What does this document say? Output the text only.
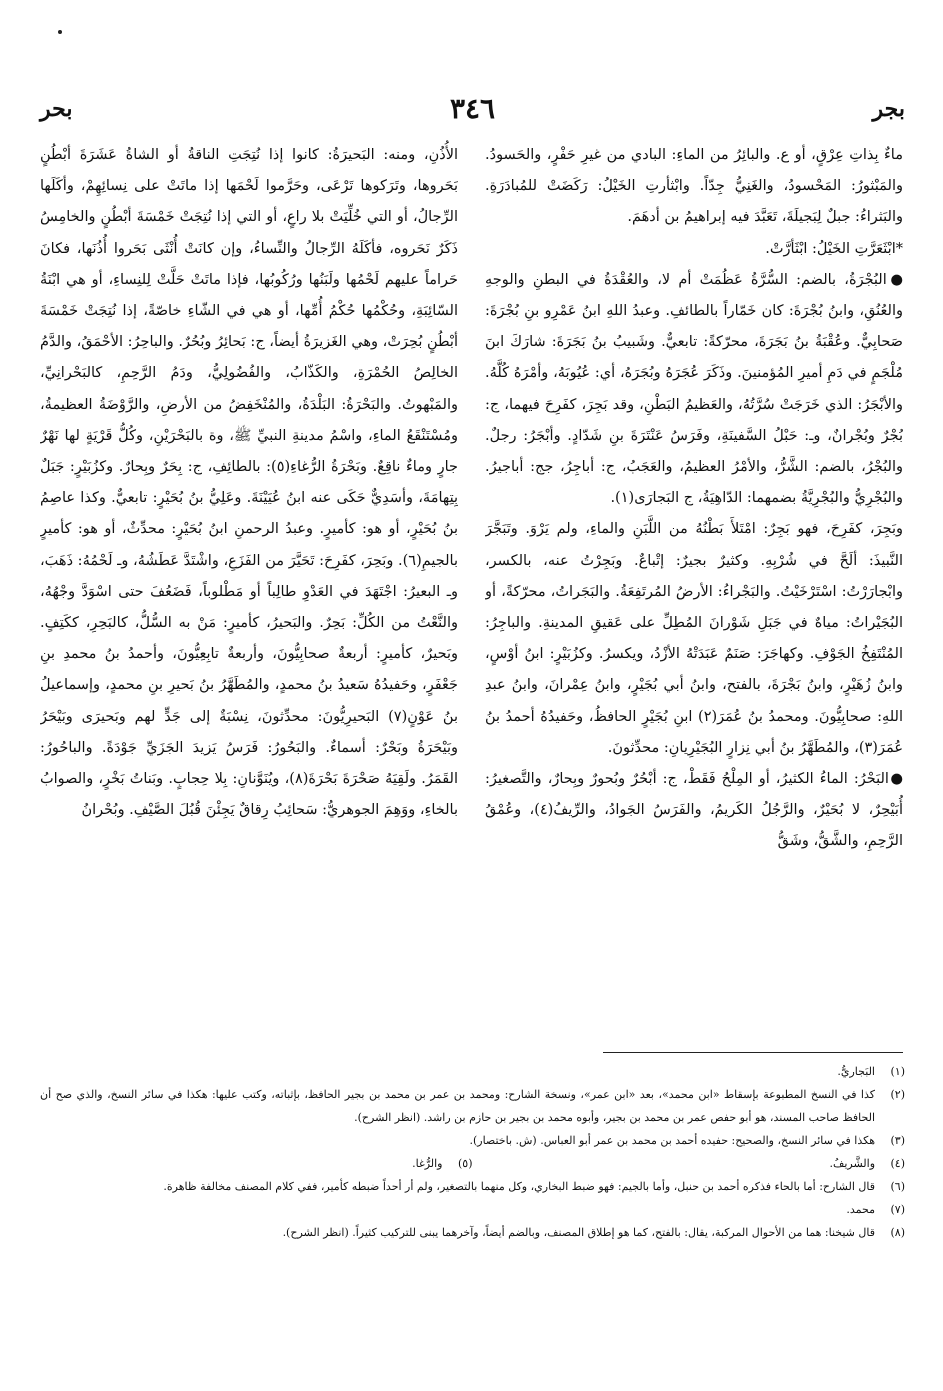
بجر
٣٤٦
بحر

ماءٌ بِذاتِ عِرْقٍ، أو ع. والبائِرُ من الماءِ: البادي من غيرِ حَفْرٍ، والحَسودُ. والمَبْثورُ: المَحْسودُ، والغَنِيُّ جِدّاً. وابْثأرتِ الخَيْلُ: رَكَضَتْ للمُبادَرَةِ. والبَثراءُ: جبلٌ لِبَجيلَةَ، تَعَبَّدَ فيه إبراهيمُ بن أدهَمَ.

*ابْثَعَرَّتِ الخَيْلُ: ابْثَأرَّتْ.

●البُجْرَةُ، بالضم: السُّرَّةُ عَظُمَتْ أم لا، والعُقْدَةُ في البطنِ والوجهِ والعُنُقِ، وابنُ بُجْرَةَ: كان خَمّاراً بالطائفِ. وعبدُ اللهِ ابنُ عَمْرِو بنِ بُجْرَةَ: صَحابِيٌّ. وعُقْبَةُ بنُ بَجَرَةَ، محرّكةً: تابعيٌّ. وشَبيبُ بنُ بَجَرَةَ: شارَكَ ابنَ مُلْجَمٍ في دَمِ أميرِ المُؤمنينَ. وذَكَرَ عُجَرَهُ وبُجَرَهُ، أي: عُيُوبَهُ، وأمْرَهُ كُلَّهُ. والأبْجَرُ: الذي خَرَجَتْ سُرَّتُهُ، والعَظيمُ البَطْنِ، وقد بَجِرَ، كفَرِحَ فيهما، ج: بُجْرٌ وبُجْرانٌ، وـ: حَبْلُ السَّفينَةِ، وفَرَسُ عَنْتَرَةَ بنِ شَدّادٍ. وأبْجَرُ: رجلٌ. والبُجْرُ، بالضم: الشَّرُّ، والأمْرُ العظيمُ، والعَجَبُ، ج: أباجِرُ، جج: أباجيرُ. والبُجْرِيُّ والبُجْرِيَّةُ بضمهما: الدّاهِيَةُ، ج البَجارَى(١).

وبَجِرَ، كفَرِحَ، فهو بَجِرٌ: امْتَلأَ بَطْنُهُ من اللَّبَنِ والماءِ، ولم يَرْوَ. وتَبَجَّرَ النَّبيذَ: ألَحَّ في شُرْبِهِ. وكثيرٌ بجيرٌ: إتْباعٌ. وبَجِرْتُ عنه، بالكسر، وابْجارَرْتُ: اسْتَرْخَيْتُ. والبَجْراءُ: الأرضُ المُرتَفِعَةُ. والبَجَراتُ، محرّكةً، أو البُجَيْراتُ: مياهٌ في جَبَلِ شَوْرانَ المُطِلِّ على عَقيقِ المدينةِ. والباجِرُ: المُنْتَفِخُ الجَوْفِ. وكهاجَرَ: صَنَمٌ عَبَدَتْهُ الأزْدُ، ويكسرُ. وكزُبَيْرٍ: ابنُ أوْسٍ، وابنُ زُهَيْرٍ، وابنُ بَجْرَةَ، بالفتح، وابنُ أبي بُجَيْرٍ، وابنُ عِمْرانَ، وابنُ عبدِ اللهِ: صحابِيُّونَ. ومحمدُ بنُ عُمَرَ(٢) ابنِ بُجَيْرٍ الحافظُ، وحَفيدُهُ أحمدُ بنُ عُمَرَ(٣)، والمُطَهَّرُ بنُ أبي نِزارٍ البُجَيْرِيانِ: محدِّثونَ.

●البَحْرُ: الماءُ الكثيرُ، أو المِلْحُ فَقَطْ، ج: أبْحُرٌ وبُحورٌ وبِحارٌ، والتَّصغيرُ: أُبَيْحِرٌ، لا بُحَيْرٌ، والرَّجُلُ الكَريمُ، والفَرَسُ الجَوادُ، والرِّيفُ(٤)، وعُمْقُ الرَّحِمِ، والشَّقُّ، وشَقُّ

الأُذُنِ، ومنه: البَحيرَةُ: كانوا إذا نُتِجَتِ الناقةُ أو الشاةُ عَشَرَةَ أبْطُنٍ بَحَروها، وتَرَكوها تَرْعَى، وحَرَّموا لَحْمَها إذا ماتَتْ على نِسائِهِمْ، وأكَلَها الرِّجالُ، أو التي خُلِّيَتْ بلا راعٍ، أو التي إذا نُتِجَتْ خَمْسَةَ أبْطُنٍ والخامِسُ ذَكَرٌ نَحَروه، فأكَلَهُ الرِّجالُ والنِّساءُ، وإن كانَتْ أُنْثَى بَحَروا أُذُنَها، فكانَ حَراماً عليهم لَحْمُها ولَبَنُها ورُكُوبُها، فإذا ماتَتْ حَلَّتْ لِلنِساءِ، أو هي ابْنَةُ السّائِبَةِ، وحُكْمُها حُكْمُ أُمِّها، أو هي في الشّاءِ خاصّةً، إذا نُتِجَتْ خَمْسَةَ أبْطُنٍ بُحِرَتْ، وهي الغَزيرَةُ أيضاً، ج: بَحائِرُ وبُحُرٌ. والباحِرُ: الأحْمَقُ، والدَّمُ الخالِصُ الحُمْرَةِ، والكَذّابُ، والفُضُولِيُّ، ودَمُ الرَّحِمِ، كالبَحْرانِيِّ، والمَبْهوتُ. والبَحْرَةُ: البَلْدَةُ، والمُنْخَفِضُ من الأرضِ، والرَّوْضَةُ العظيمةُ، ومُسْتَنْقَعُ الماءِ، واسْمُ مدينةِ النبيِّ ﷺ، وة بالبَحْرَيْنِ، وكُلُّ قَرْيَةٍ لها نَهْرٌ جارٍ وماءٌ ناقِعٌ. وبَحْرَةُ الرُّغاءِ(٥): بالطائِفِ، ج: بِحَرٌ وبِحارٌ. وكزُبَيْرٍ: جَبَلٌ بِتِهامَةَ، وأسَدِيٌّ حَكَى عنه ابنُ عُيَيْنَةَ. وعَلِيُّ بنُ بُحَيْرٍ: تابعيٌّ. وكذا عاصِمُ بنُ بُحَيْرٍ، أو هو: كأميرٍ. وعبدُ الرحمنِ ابنُ بُحَيْرٍ: محدِّثٌ، أو هو: كأميرٍ بالجيمِ(٦). وبَحِرَ، كفَرِحَ: تَحَيَّرَ من الفَزَعِ، واشْتَدَّ عَطَشُهُ، وـ لَحْمُهُ: ذَهَبَ، وـ البعيرُ: اجْتَهَدَ في العَدْوِ طالِباً أو مَطْلوباً، فَضَعُفَ حتى اسْوَدَّ وجْهُهُ، والنَّعْتُ من الكُلِّ: بَحِرٌ. والبَحيرُ، كأميرٍ: مَنْ به السُّلُّ، كالبَحِرِ، ككَتِفٍ. وبَحيرٌ، كأميرٍ: أربعةٌ صحابِيُّونَ، وأربعةٌ تابِعِيُّونَ، وأحمدُ بنُ محمدِ بنِ جَعْفَرٍ، وحَفيدُهُ سَعيدُ بنُ محمدٍ، والمُطَهَّرُ بنُ بَحيرِ بنِ محمدٍ، وإسماعيلُ بنُ عَوْنٍ(٧) البَحيرِيُّونَ: محدِّثونَ، نِسْبَةٌ إلى جَدٍّ لهم وبَحيرَى وبَيْحَرُ وبَيْحَرَةُ وبَحْرٌ: أسماءٌ. والبَحُورُ: فَرَسُ يَزيدَ الجَزَيِّ جَوْدَةً. والباحُورُ: القَمَرُ. ولَقِيَهُ صَحْرَةَ بَحْرَةَ(٨)، ويُنَوَّنانِ: بِلا حِجابٍ. وبَناتُ بَخْرٍ، والصوابُ بالخاءِ، ووَهِمَ الجوهريُّ: سَحائِبُ رِقاقٌ يَجِئْنَ قُبُلَ الصَّيْفِ. وبُحْرانُ

(١)
البَجاريُّ.
(٢)
كذا في النسخ المطبوعة بإسقاط «ابن محمد»، بعد «ابن عمر»، ونسخة الشارح: ومحمد بن عمر بن محمد بن بجير الحافظ، بإثباته، وكتب عليها: هكذا في سائر النسخ، والذي صح أن الحافظ صاحب المسند، هو أبو حفص عمر بن محمد بن بجير، وأبوه محمد بن بجير بن حازم بن راشد. (انظر الشرح).
(٣)
هكذا في سائر النسخ، والصحيح: حفيده أحمد بن محمد بن عمر أبو العباس. (ش. باختصار).
(٤)
والشَّريفُ.
(٥)
والرُّغا.
(٦)
قال الشارح: أما بالحاء فذكره أحمد بن حنبل، وأما بالجيم: فهو ضبط البخاري، وكل منهما بالتصغير، ولم أر أحداً ضبطه كأمير، ففي كلام المصنف مخالفة ظاهرة.
(٧)
محمد.
(٨)
قال شيخنا: هما من الأحوال المركبة، يقال: بالفتح، كما هو إطلاق المصنف، وبالضم أيضاً، وآخرهما يبنى للتركيب كثيراً. (انظر الشرح).
